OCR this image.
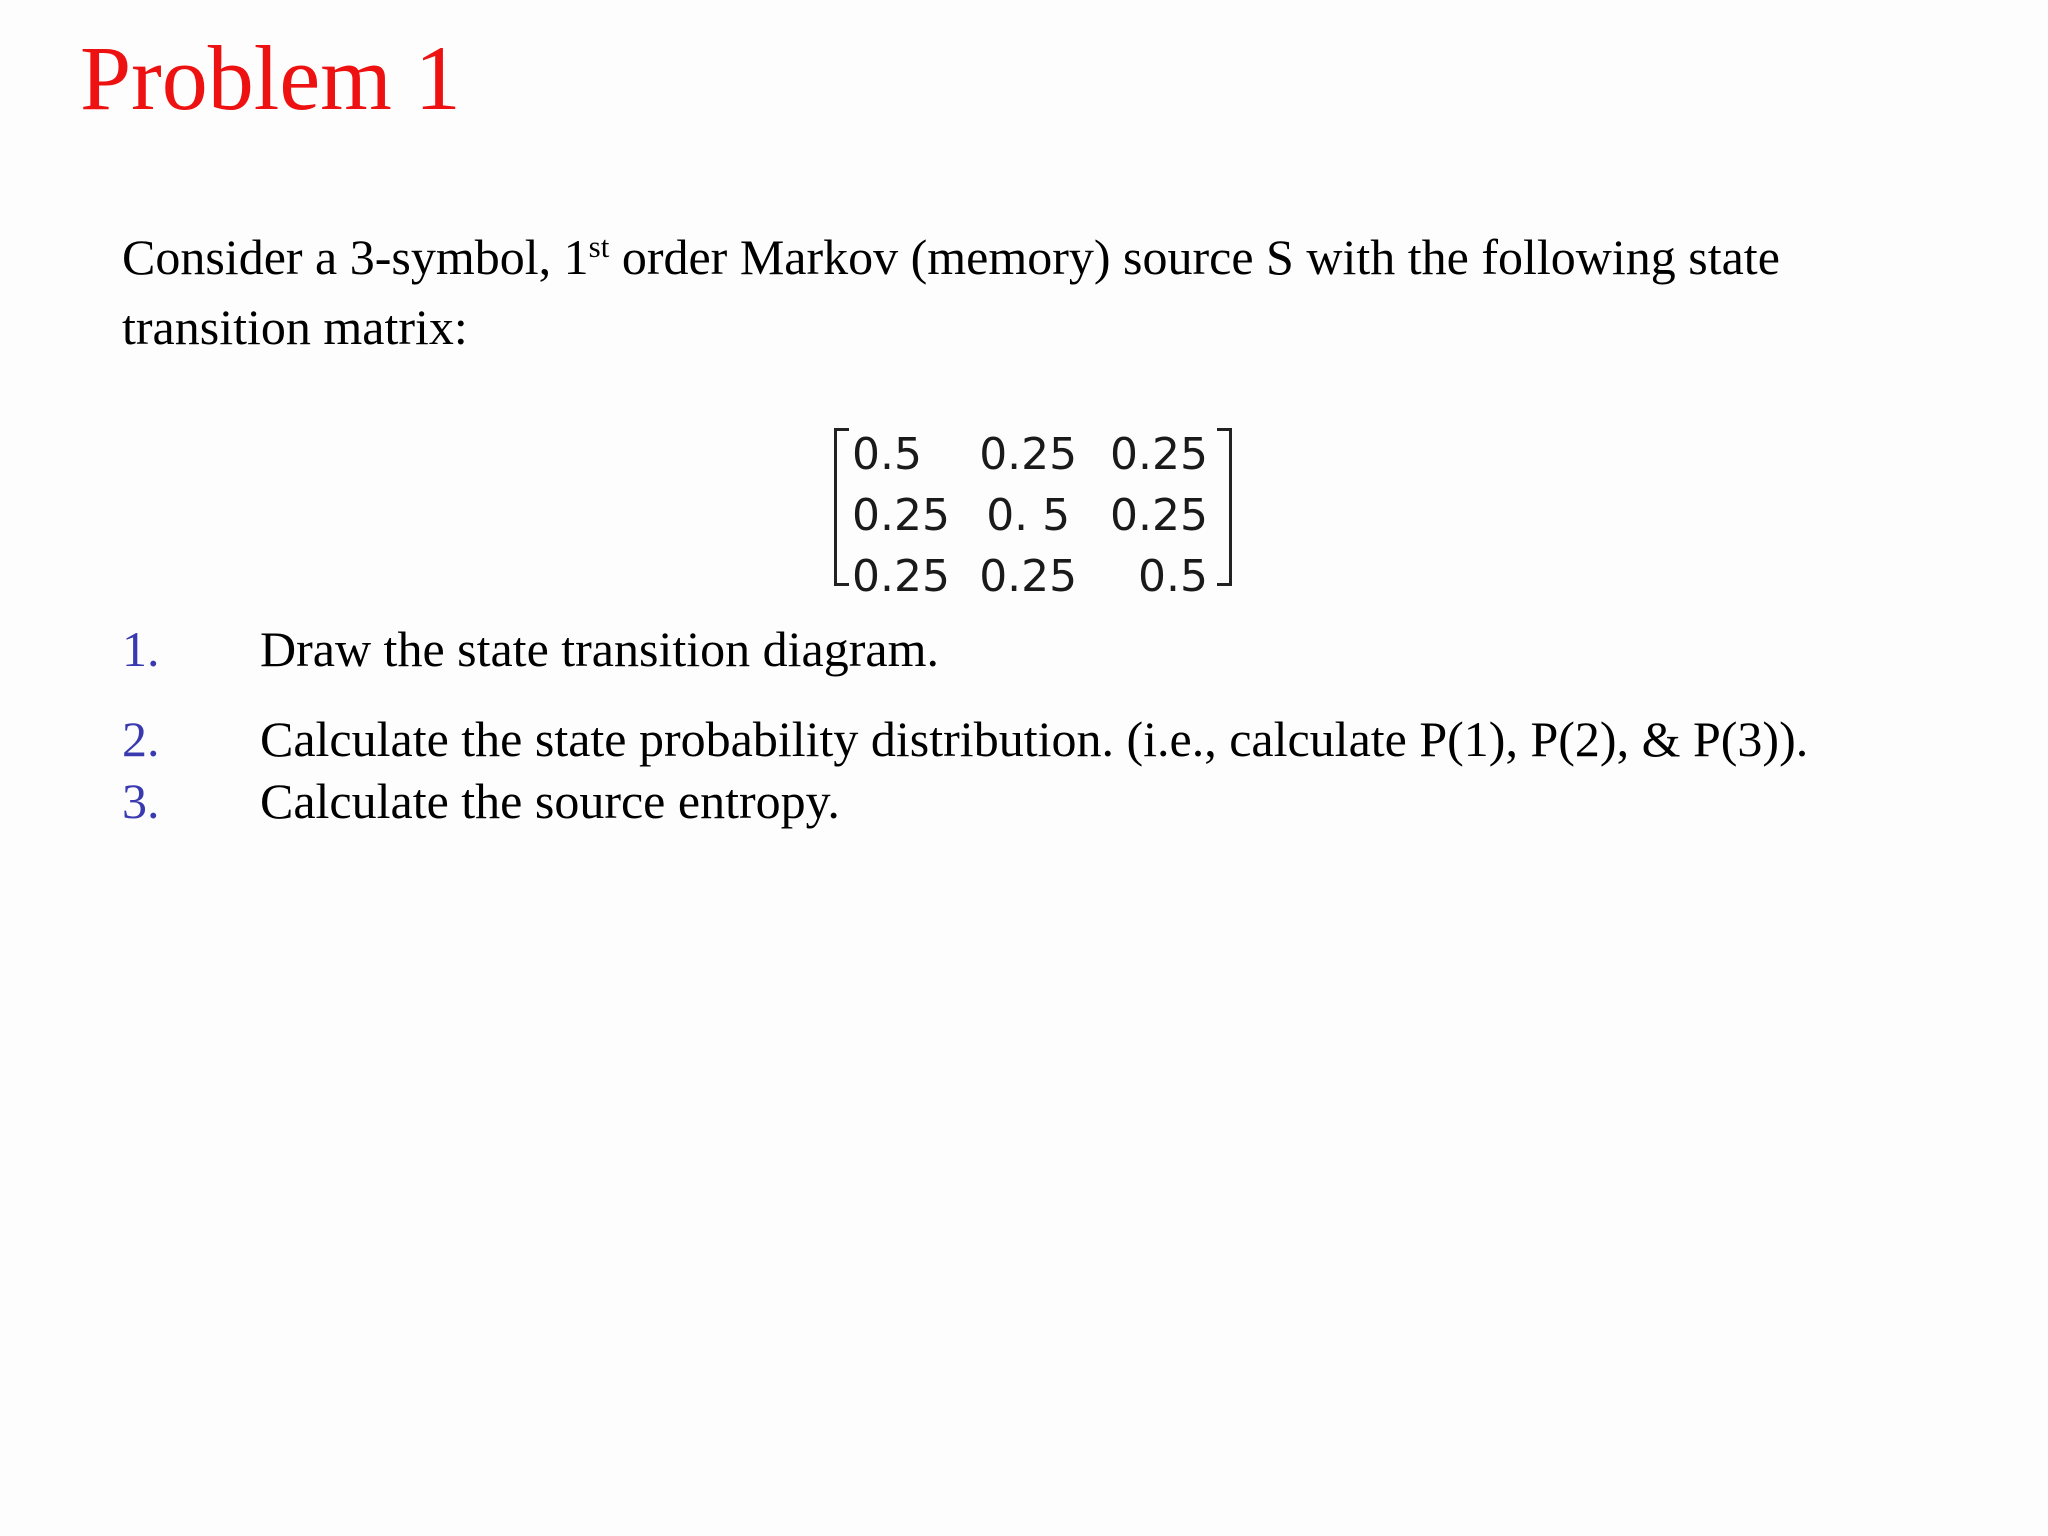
Problem 1
Consider a 3-symbol, 1st order Markov (memory) source S with the following state
transition matrix:
0.5	0.25	0.25
0.25	0. 5	0.25
0.25	0.25	0.5
1.	Draw the state transition diagram.
2.	Calculate the state probability distribution. (i.e., calculate P(1), P(2), & P(3)).
3.	Calculate the source entropy.
